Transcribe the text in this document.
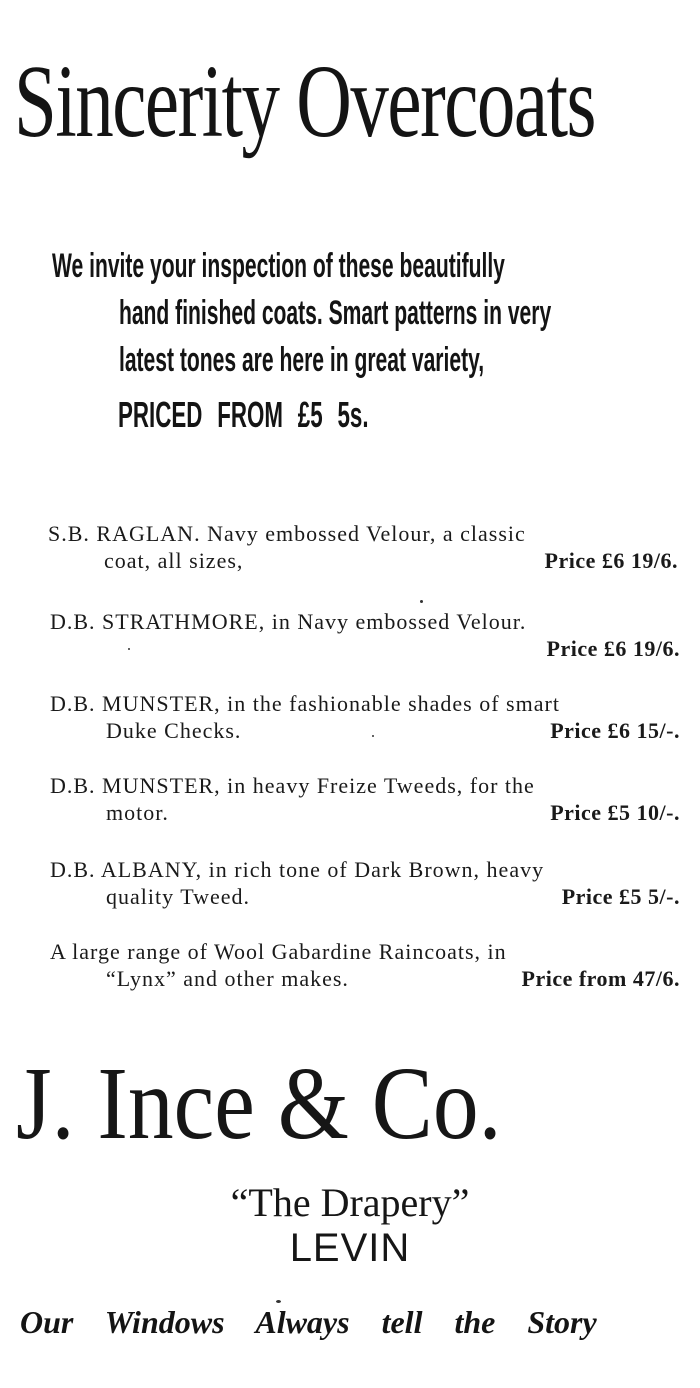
Sincerity Overcoats
We invite your inspection of these beautifully
hand finished coats. Smart patterns in very
latest tones are here in great variety,
PRICED FROM £5 5s.
S.B. RAGLAN. Navy embossed Velour, a classic
coat, all sizes,	Price £6 19/6.
D.B. STRATHMORE, in Navy embossed Velour.
Price £6 19/6.
D.B. MUNSTER, in the fashionable shades of smart
Duke Checks.	Price £6 15/-.
D.B. MUNSTER, in heavy Freize Tweeds, for the
motor.	Price £5 10/-.
D.B. ALBANY, in rich tone of Dark Brown, heavy
quality Tweed.	Price £5 5/-.
A large range of Wool Gabardine Raincoats, in
“Lynx” and other makes.	Price from 47/6.
J. Ince & Co.
“The Drapery”
LEVIN
Our Windows Always tell the Story
